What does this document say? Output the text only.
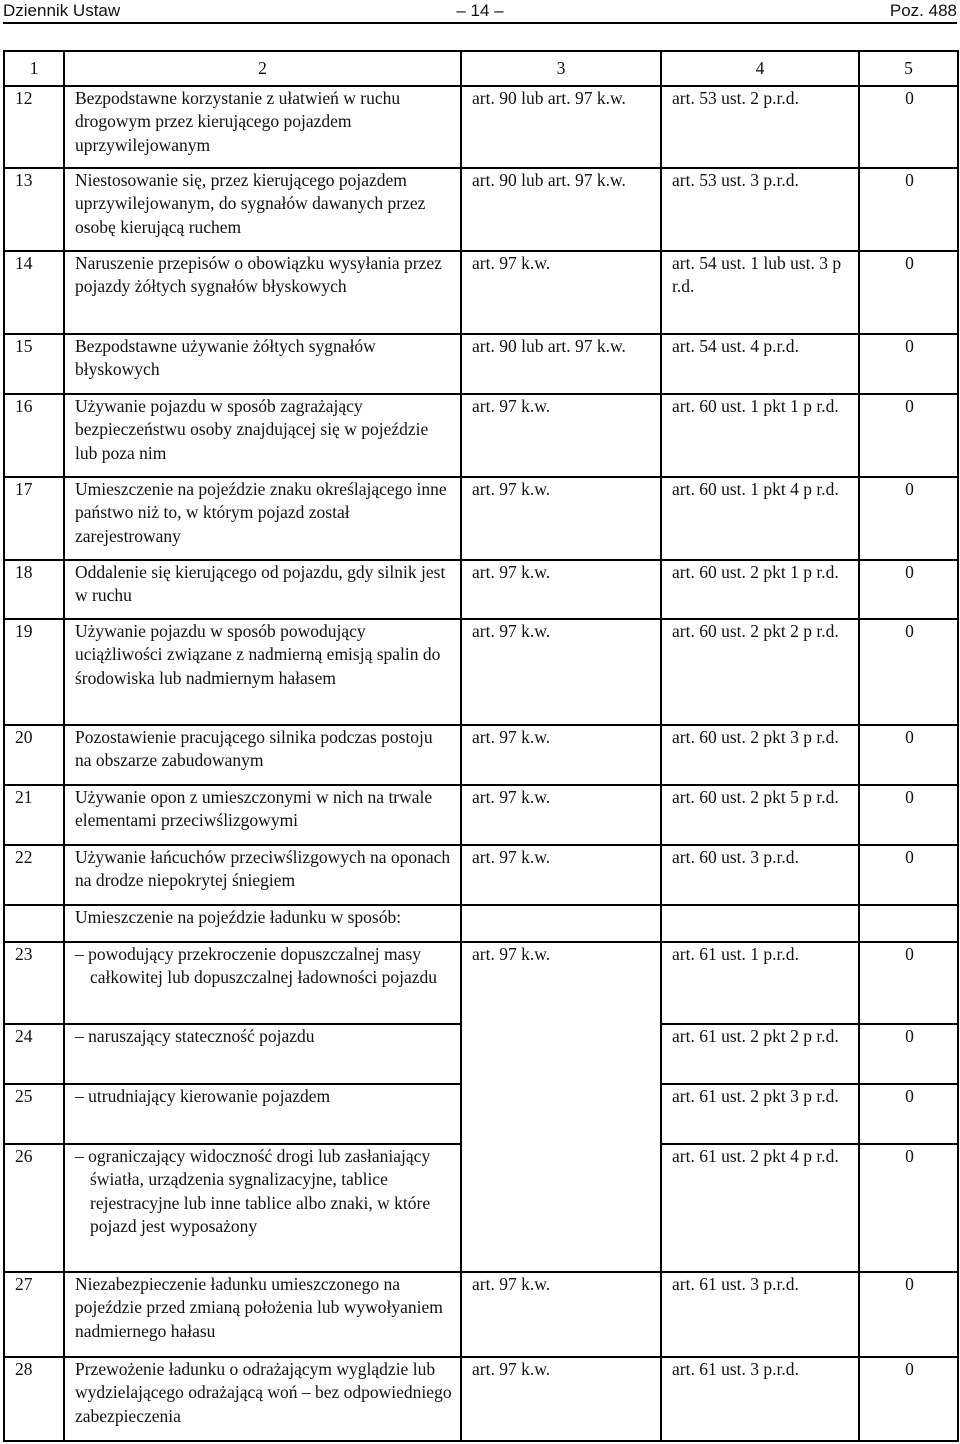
Dziennik Ustaw	– 14 –	Poz. 488
1	2	3	4	5
12	Bezpodstawne korzystanie z ułatwień w ruchu drogowym przez kierującego pojazdem uprzywilejowanym	art. 90 lub art. 97 k.w.	art. 53 ust. 2 p.r.d.	0
13	Niestosowanie się, przez kierującego pojazdem uprzywilejowanym, do sygnałów dawanych przez osobę kierującą ruchem	art. 90 lub art. 97 k.w.	art. 53 ust. 3 p.r.d.	0
14	Naruszenie przepisów o obowiązku wysyłania przez pojazdy żółtych sygnałów błyskowych	art. 97 k.w.	art. 54 ust. 1 lub ust. 3 p r.d.	0
15	Bezpodstawne używanie żółtych sygnałów błyskowych	art. 90 lub art. 97 k.w.	art. 54 ust. 4 p.r.d.	0
16	Używanie pojazdu w sposób zagrażający bezpieczeństwu osoby znajdującej się w pojeździe lub poza nim	art. 97 k.w.	art. 60 ust. 1 pkt 1 p r.d.	0
17	Umieszczenie na pojeździe znaku określającego inne państwo niż to, w którym pojazd został zarejestrowany	art. 97 k.w.	art. 60 ust. 1 pkt 4 p r.d.	0
18	Oddalenie się kierującego od pojazdu, gdy silnik jest w ruchu	art. 97 k.w.	art. 60 ust. 2 pkt 1 p r.d.	0
19	Używanie pojazdu w sposób powodujący uciążliwości związane z nadmierną emisją spalin do środowiska lub nadmiernym hałasem	art. 97 k.w.	art. 60 ust. 2 pkt 2 p r.d.	0
20	Pozostawienie pracującego silnika podczas postoju na obszarze zabudowanym	art. 97 k.w.	art. 60 ust. 2 pkt 3 p r.d.	0
21	Używanie opon z umieszczonymi w nich na trwale elementami przeciwślizgowymi	art. 97 k.w.	art. 60 ust. 2 pkt 5 p r.d.	0
22	Używanie łańcuchów przeciwślizgowych na oponach na drodze niepokrytej śniegiem	art. 97 k.w.	art. 60 ust. 3 p.r.d.	0
	Umieszczenie na pojeździe ładunku w sposób:			
23	– powodujący przekroczenie dopuszczalnej masy całkowitej lub dopuszczalnej ładowności pojazdu	art. 97 k.w.	art. 61 ust. 1 p.r.d.	0
24	– naruszający stateczność pojazdu		art. 61 ust. 2 pkt 2 p r.d.	0
25	– utrudniający kierowanie pojazdem		art. 61 ust. 2 pkt 3 p r.d.	0
26	– ograniczający widoczność drogi lub zasłaniający światła, urządzenia sygnalizacyjne, tablice rejestracyjne lub inne tablice albo znaki, w które pojazd jest wyposażony		art. 61 ust. 2 pkt 4 p r.d.	0
27	Niezabezpieczenie ładunku umieszczonego na pojeździe przed zmianą położenia lub wywołyaniem nadmiernego hałasu	art. 97 k.w.	art. 61 ust. 3 p.r.d.	0
28	Przewożenie ładunku o odrażającym wyglądzie lub wydzielającego odrażającą woń – bez odpowiedniego zabezpieczenia	art. 97 k.w.	art. 61 ust. 3 p.r.d.	0
